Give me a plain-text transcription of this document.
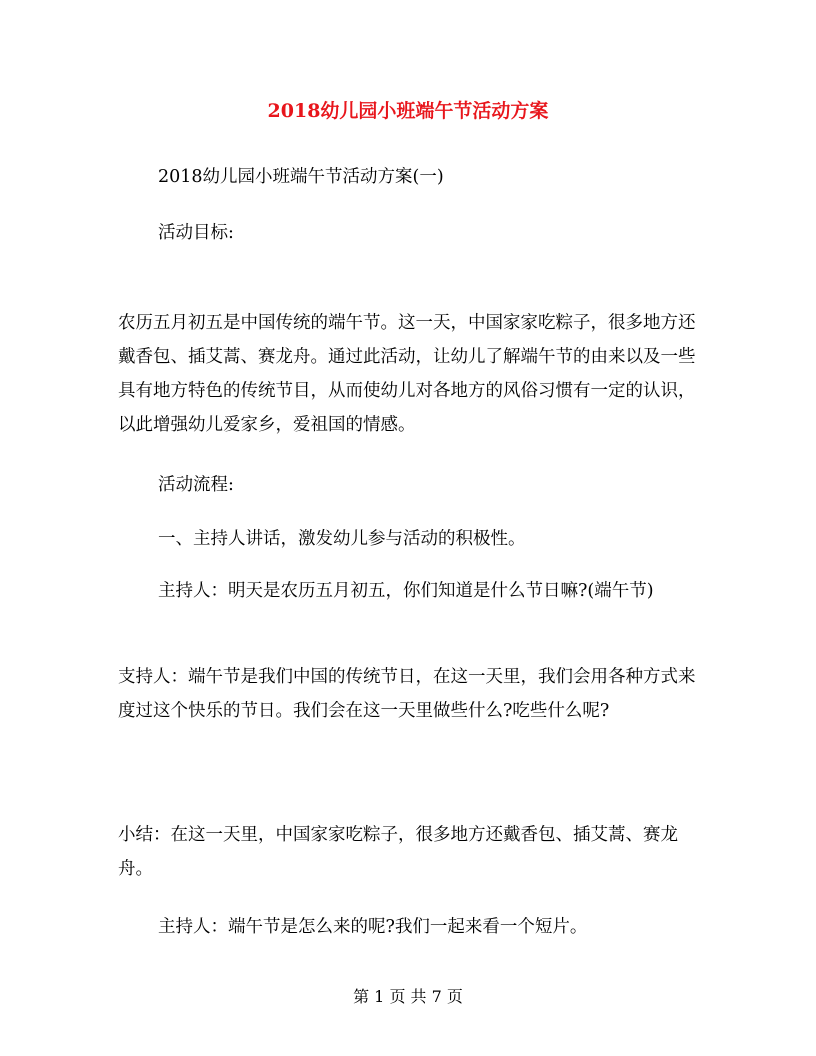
2018幼儿园小班端午节活动方案

2018幼儿园小班端午节活动方案(一)

活动目标:

农历五月初五是中国传统的端午节。这一天，中国家家吃粽子，很多地方还戴香包、插艾蒿、赛龙舟。通过此活动，让幼儿了解端午节的由来以及一些具有地方特色的传统节目，从而使幼儿对各地方的风俗习惯有一定的认识，以此增强幼儿爱家乡，爱祖国的情感。

活动流程:

一、主持人讲话，激发幼儿参与活动的积极性。

主持人：明天是农历五月初五，你们知道是什么节日嘛?(端午节)

支持人：端午节是我们中国的传统节日，在这一天里，我们会用各种方式来度过这个快乐的节日。我们会在这一天里做些什么?吃些什么呢?

小结：在这一天里，中国家家吃粽子，很多地方还戴香包、插艾蒿、赛龙舟。

主持人：端午节是怎么来的呢?我们一起来看一个短片。

第 1 页 共 7 页
